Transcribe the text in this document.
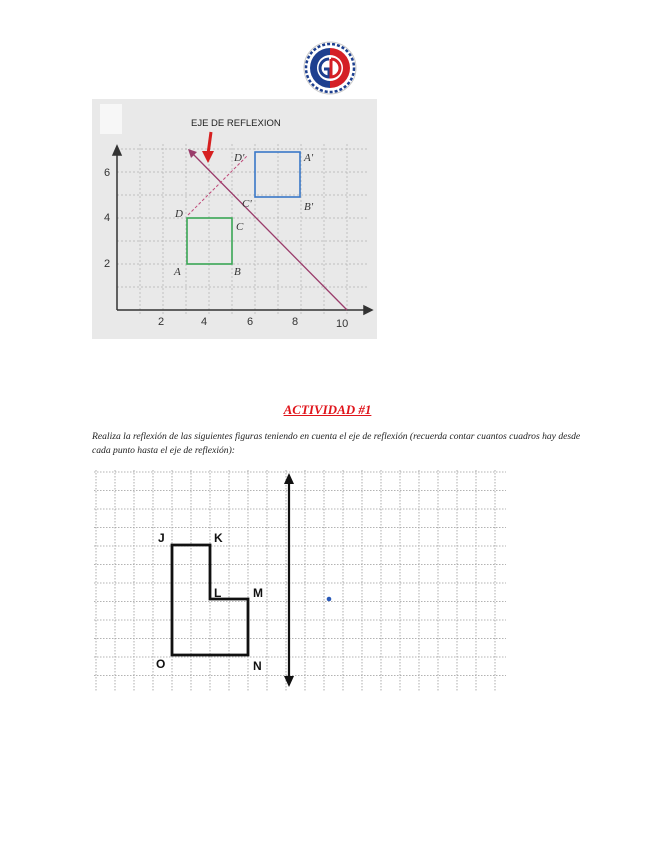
2	4	6	8	10
2
4
6
EJE DE REFLEXION
A	B
C
D
A'
B'
C'
D'
ACTIVIDAD #1
Realiza la reflexión de las siguientes figuras teniendo en cuenta el eje de reflexión (recuerda contar cuantos cuadros hay desde cada punto hasta el eje de reflexión):
J	K
L	M
N
O
